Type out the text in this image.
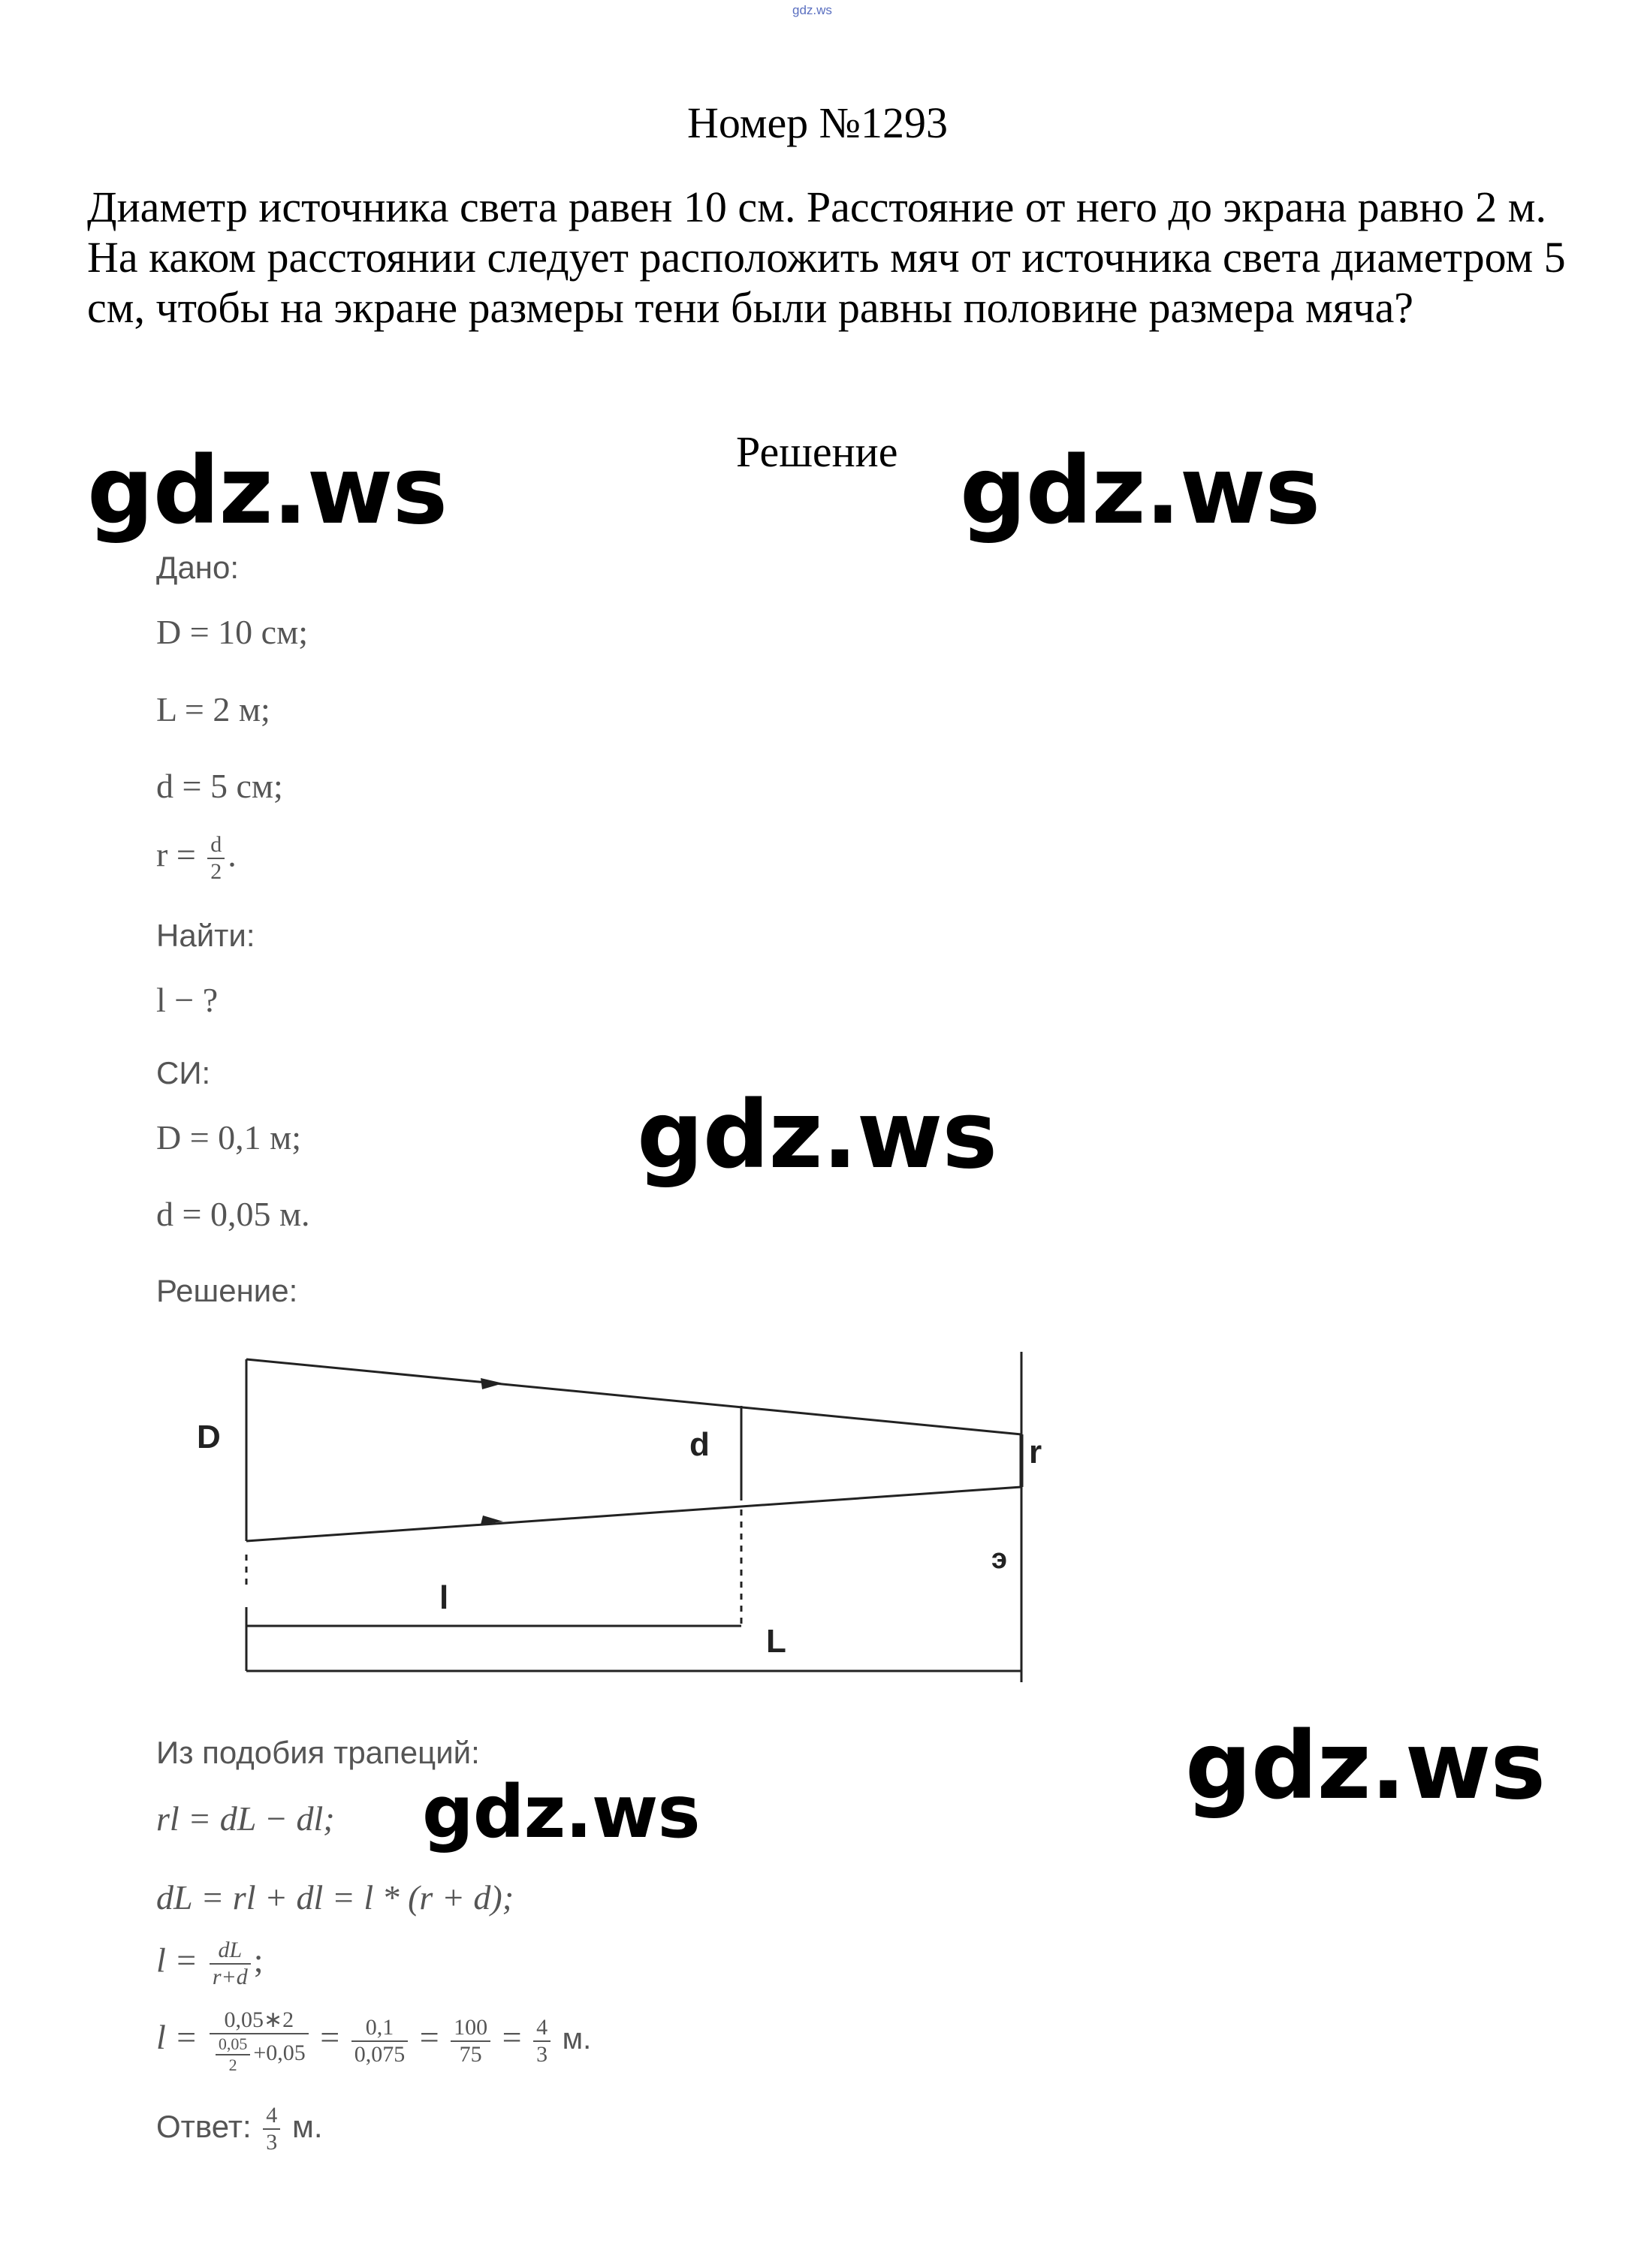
gdz.ws
Номер №1293
Диаметр источника света равен 10 см. Расстояние от него до экрана равно 2 м. На каком расстоянии следует расположить мяч от источника света диаметром 5 см, чтобы на экране размеры тени были равны половине размера мяча?
Решение
gdz.ws	gdz.ws
gdz.ws
gdz.ws
gdz.ws
Дано:
D = 10 см;
L = 2 м;
d = 5 см;
$r = \frac{d}{2}$ .
Найти:
l − ?
СИ:
D = 0,1 м;
d = 0,05 м.
Решение:
D	d	r
э
l
L
Из подобия трапеций:
rl = dL − dl;
dL = rl + dl = l * (r + d);
$l = \frac{dL}{r+d}$ ;
$l = \frac{0,05∗2}{\frac{0,05}{2} +0,05} = \frac{0,1}{0,075} = \frac{100}{75} = \frac{4}{3} м$.
Ответ: $\frac{4}{3} м$.
